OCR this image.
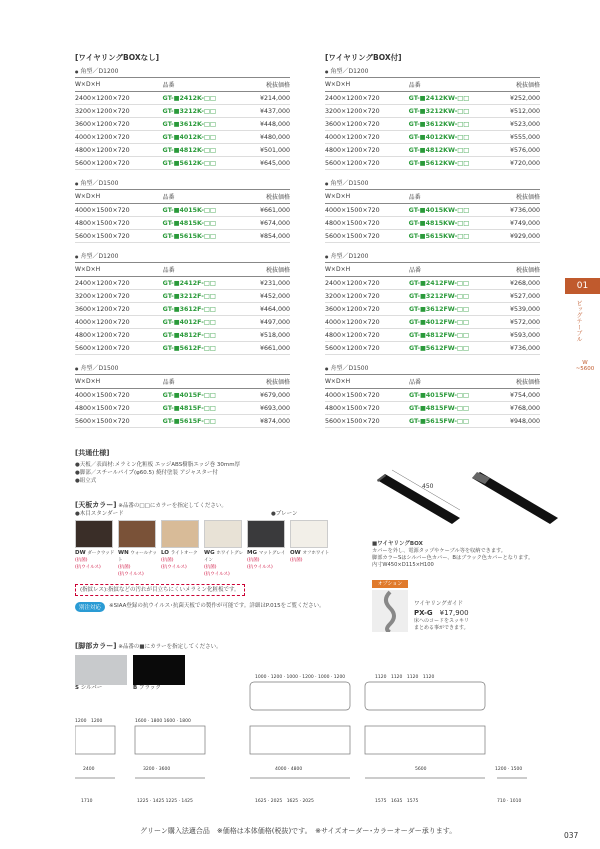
[ワイヤリングBOXなし]
● 角型／D1200
W×D×H	品番	税抜価格
2400×1200×720	GT-■2412K-□□	¥214,000
3200×1200×720	GT-■3212K-□□	¥437,000
3600×1200×720	GT-■3612K-□□	¥448,000
4000×1200×720	GT-■4012K-□□	¥480,000
4800×1200×720	GT-■4812K-□□	¥501,000
5600×1200×720	GT-■5612K-□□	¥645,000
● 角型／D1500
W×D×H	品番	税抜価格
4000×1500×720	GT-■4015K-□□	¥661,000
4800×1500×720	GT-■4815K-□□	¥674,000
5600×1500×720	GT-■5615K-□□	¥854,000
● 舟型／D1200
W×D×H	品番	税抜価格
2400×1200×720	GT-■2412F-□□	¥231,000
3200×1200×720	GT-■3212F-□□	¥452,000
3600×1200×720	GT-■3612F-□□	¥464,000
4000×1200×720	GT-■4012F-□□	¥497,000
4800×1200×720	GT-■4812F-□□	¥518,000
5600×1200×720	GT-■5612F-□□	¥661,000
● 舟型／D1500
W×D×H	品番	税抜価格
4000×1500×720	GT-■4015F-□□	¥679,000
4800×1500×720	GT-■4815F-□□	¥693,000
5600×1500×720	GT-■5615F-□□	¥874,000
[ワイヤリングBOX付]
● 角型／D1200
W×D×H	品番	税抜価格
2400×1200×720	GT-■2412KW-□□	¥252,000
3200×1200×720	GT-■3212KW-□□	¥512,000
3600×1200×720	GT-■3612KW-□□	¥523,000
4000×1200×720	GT-■4012KW-□□	¥555,000
4800×1200×720	GT-■4812KW-□□	¥576,000
5600×1200×720	GT-■5612KW-□□	¥720,000
● 角型／D1500
W×D×H	品番	税抜価格
4000×1500×720	GT-■4015KW-□□	¥736,000
4800×1500×720	GT-■4815KW-□□	¥749,000
5600×1500×720	GT-■5615KW-□□	¥929,000
● 舟型／D1200
W×D×H	品番	税抜価格
2400×1200×720	GT-■2412FW-□□	¥268,000
3200×1200×720	GT-■3212FW-□□	¥527,000
3600×1200×720	GT-■3612FW-□□	¥539,000
4000×1200×720	GT-■4012FW-□□	¥572,000
4800×1200×720	GT-■4812FW-□□	¥593,000
5600×1200×720	GT-■5612FW-□□	¥736,000
● 舟型／D1500
W×D×H	品番	税抜価格
4000×1500×720	GT-■4015FW-□□	¥754,000
4800×1500×720	GT-■4815FW-□□	¥768,000
5600×1500×720	GT-■5615FW-□□	¥948,000
01
ビッグテーブル
W
~5600
[共通仕様]
●天板／表面材:メラミン化粧板 エッジABS樹脂エッジ巻 30mm厚
●脚部／スチールパイプ(φ60.5) 焼付塗装 アジャスター付
●組立式
[天板カラー] ※品番の□□にカラーを指定してください。
●木目スタンダード	●プレーン
DW ダークウッド
(抗菌)
(抗ウイルス)
WN ウォールナット
(抗菌)
(抗ウイルス)
LO ライトオーク
(抗菌)
(抗ウイルス)
WG ホワイトグレイン
(抗菌)
(抗ウイルス)
MG マットグレイ
(抗菌)
(抗ウイルス)
OW オフホワイト
(抗菌)
(指紋レス):指紋などの汚れが目立ちにくいメラミン化粧板です。
別注対応	※SIAA登録の抗ウイルス･抗菌天板での製作が可能です。詳細はP.015をご覧ください。
450
■ワイヤリングBOX
カバーを外し、電源タップやケーブル等を収納できます。
脚部カラーSはシルバー色カバー、Bはブラック色カバーとなります。
内寸W450×D115×H100
オプション
ワイヤリングガイド
PX-G　 ¥17,900
床へのコードをスッキリ
まとめる事ができます。
[脚部カラー] ※品番の■にカラーを指定してください。
S シルバー	B ブラック
1000 · 1200 · 1000 · 1200 · 1000 · 1200	1120　1120　1120　1120
1200　1200	1600 · 1800 1600 · 1800
2400	3200 · 3600	4000 · 4800	5600	1200 · 1500
1710	1225 · 1425 1225 · 1425	1625 · 2025　1625 · 2025	1575　1635　1575	710 · 1010
グリーン購入法適合品　※価格は本体価格(税抜)です。　※サイズオーダー･カラーオーダー承ります。	037
